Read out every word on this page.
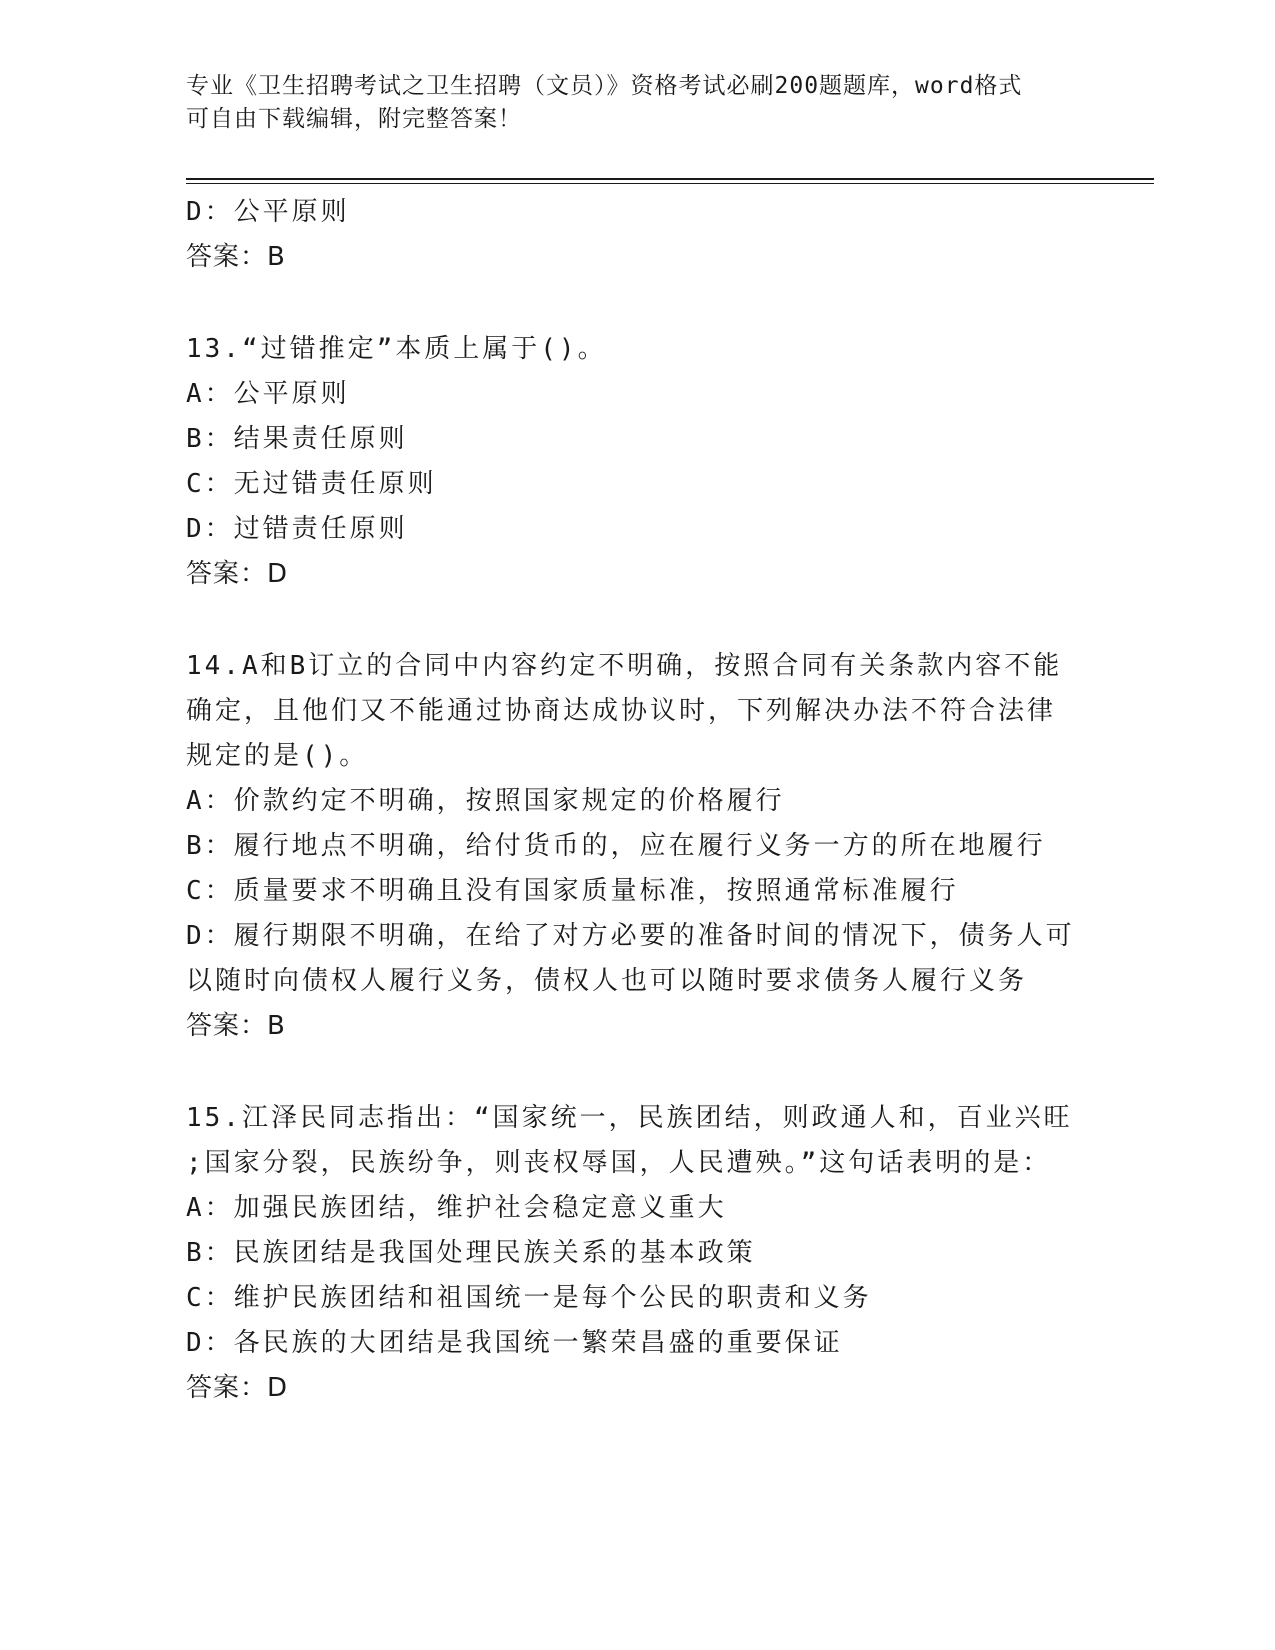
专业《卫生招聘考试之卫生招聘（文员）》资格考试必刷200题题库，word格式
可自由下载编辑，附完整答案！
D：公平原则
答案：B
13.“过错推定”本质上属于()。
A：公平原则
B：结果责任原则
C：无过错责任原则
D：过错责任原则
答案：D
14.A和B订立的合同中内容约定不明确，按照合同有关条款内容不能
确定，且他们又不能通过协商达成协议时，下列解决办法不符合法律
规定的是()。
A：价款约定不明确，按照国家规定的价格履行
B：履行地点不明确，给付货币的，应在履行义务一方的所在地履行
C：质量要求不明确且没有国家质量标准，按照通常标准履行
D：履行期限不明确，在给了对方必要的准备时间的情况下，债务人可
以随时向债权人履行义务，债权人也可以随时要求债务人履行义务
答案：B
15.江泽民同志指出：“国家统一，民族团结，则政通人和，百业兴旺
;国家分裂，民族纷争，则丧权辱国，人民遭殃。”这句话表明的是：
A：加强民族团结，维护社会稳定意义重大
B：民族团结是我国处理民族关系的基本政策
C：维护民族团结和祖国统一是每个公民的职责和义务
D：各民族的大团结是我国统一繁荣昌盛的重要保证
答案：D
